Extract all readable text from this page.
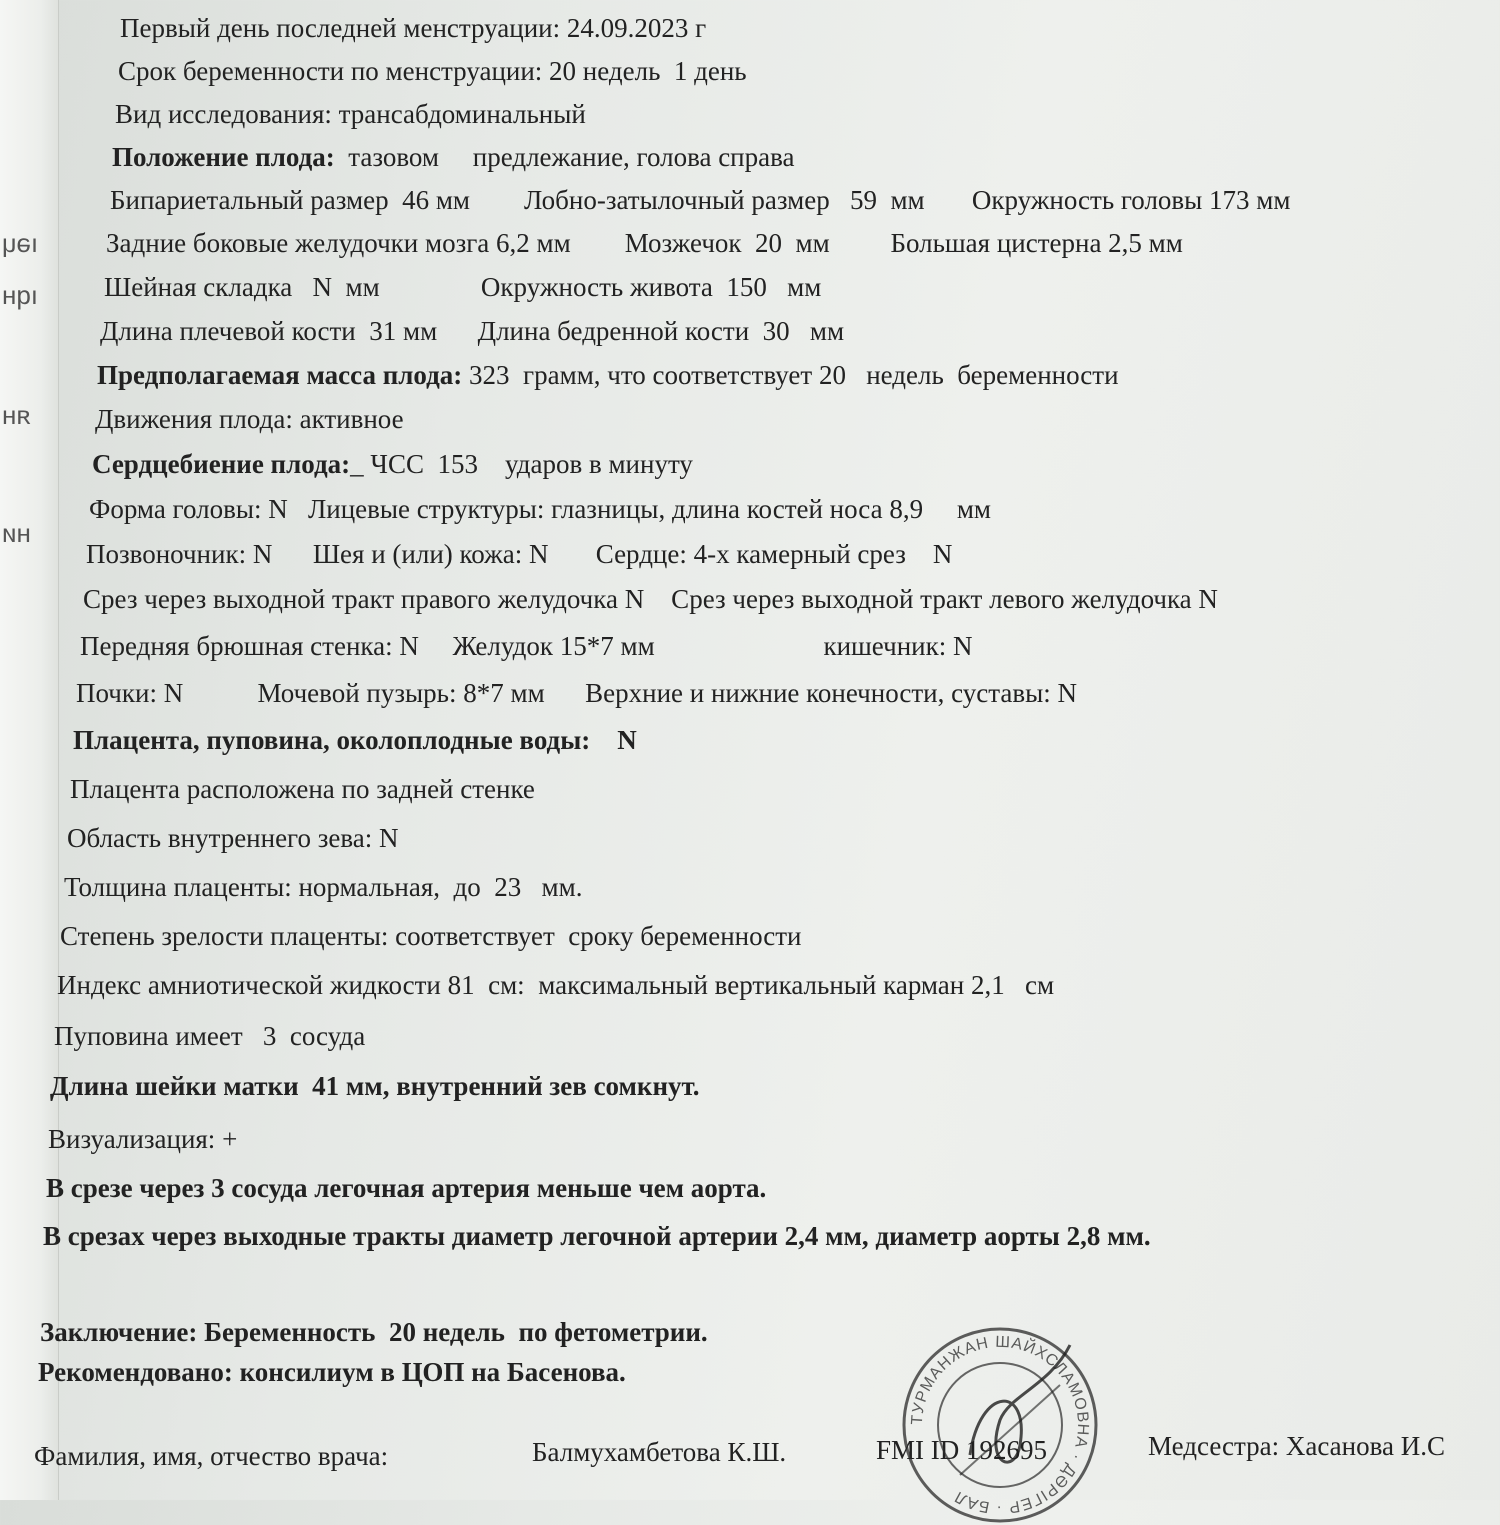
ıəɥ
ıqн
ян
ни
Первый день последней менструации: 24.09.2023 г
Срок беременности по менструации: 20 недель  1 день
Вид исследования: трансабдоминальный
Положение плода:  тазовом     предлежание, голова справа
Бипариетальный размер  46 мм        Лобно-затылочный размер   59  мм       Окружность головы 173 мм
Задние боковые желудочки мозга 6,2 мм        Мозжечок  20  мм         Большая цистерна 2,5 мм
Шейная складка   N  мм               Окружность живота  150   мм
Длина плечевой кости  31 мм      Длина бедренной кости  30   мм
Предполагаемая масса плода: 323  грамм, что соответствует 20   недель  беременности
Движения плода: активное
Сердцебиение плода:_ ЧСС  153    ударов в минуту
Форма головы: N   Лицевые структуры: глазницы, длина костей носа 8,9     мм
Позвоночник: N      Шея и (или) кожа: N       Сердце: 4-х камерный срез    N
Срез через выходной тракт правого желудочка N    Срез через выходной тракт левого желудочка N
Передняя брюшная стенка: N     Желудок 15*7 мм                         кишечник: N
Почки: N           Мочевой пузырь: 8*7 мм      Верхние и нижние конечности, суставы: N
Плацента, пуповина, околоплодные воды:    N
Плацента расположена по задней стенке
Область внутреннего зева: N
Толщина плаценты: нормальная,  до  23   мм.
Степень зрелости плаценты: соответствует  сроку беременности
Индекс амниотической жидкости 81  см:  максимальный вертикальный карман 2,1   см
Пуповина имеет   3  сосуда
Длина шейки матки  41 мм, внутренний зев сомкнут.
Визуализация: +
В срезе через 3 сосуда легочная артерия меньше чем аорта.
В срезах через выходные тракты диаметр легочной артерии 2,4 мм, диаметр аорты 2,8 мм.
Заключение: Беременность  20 недель  по фетометрии.
Рекомендовано: консилиум в ЦОП на Басенова.
Фамилия, имя, отчество врача:	Балмухамбетова К.Ш.	FMI ID 192695	Медсестра: Хасанова И.С
ТУРМАНЖАН ШАЙХСЛАМОВНА · ДӘРІГЕР · БАЛ
